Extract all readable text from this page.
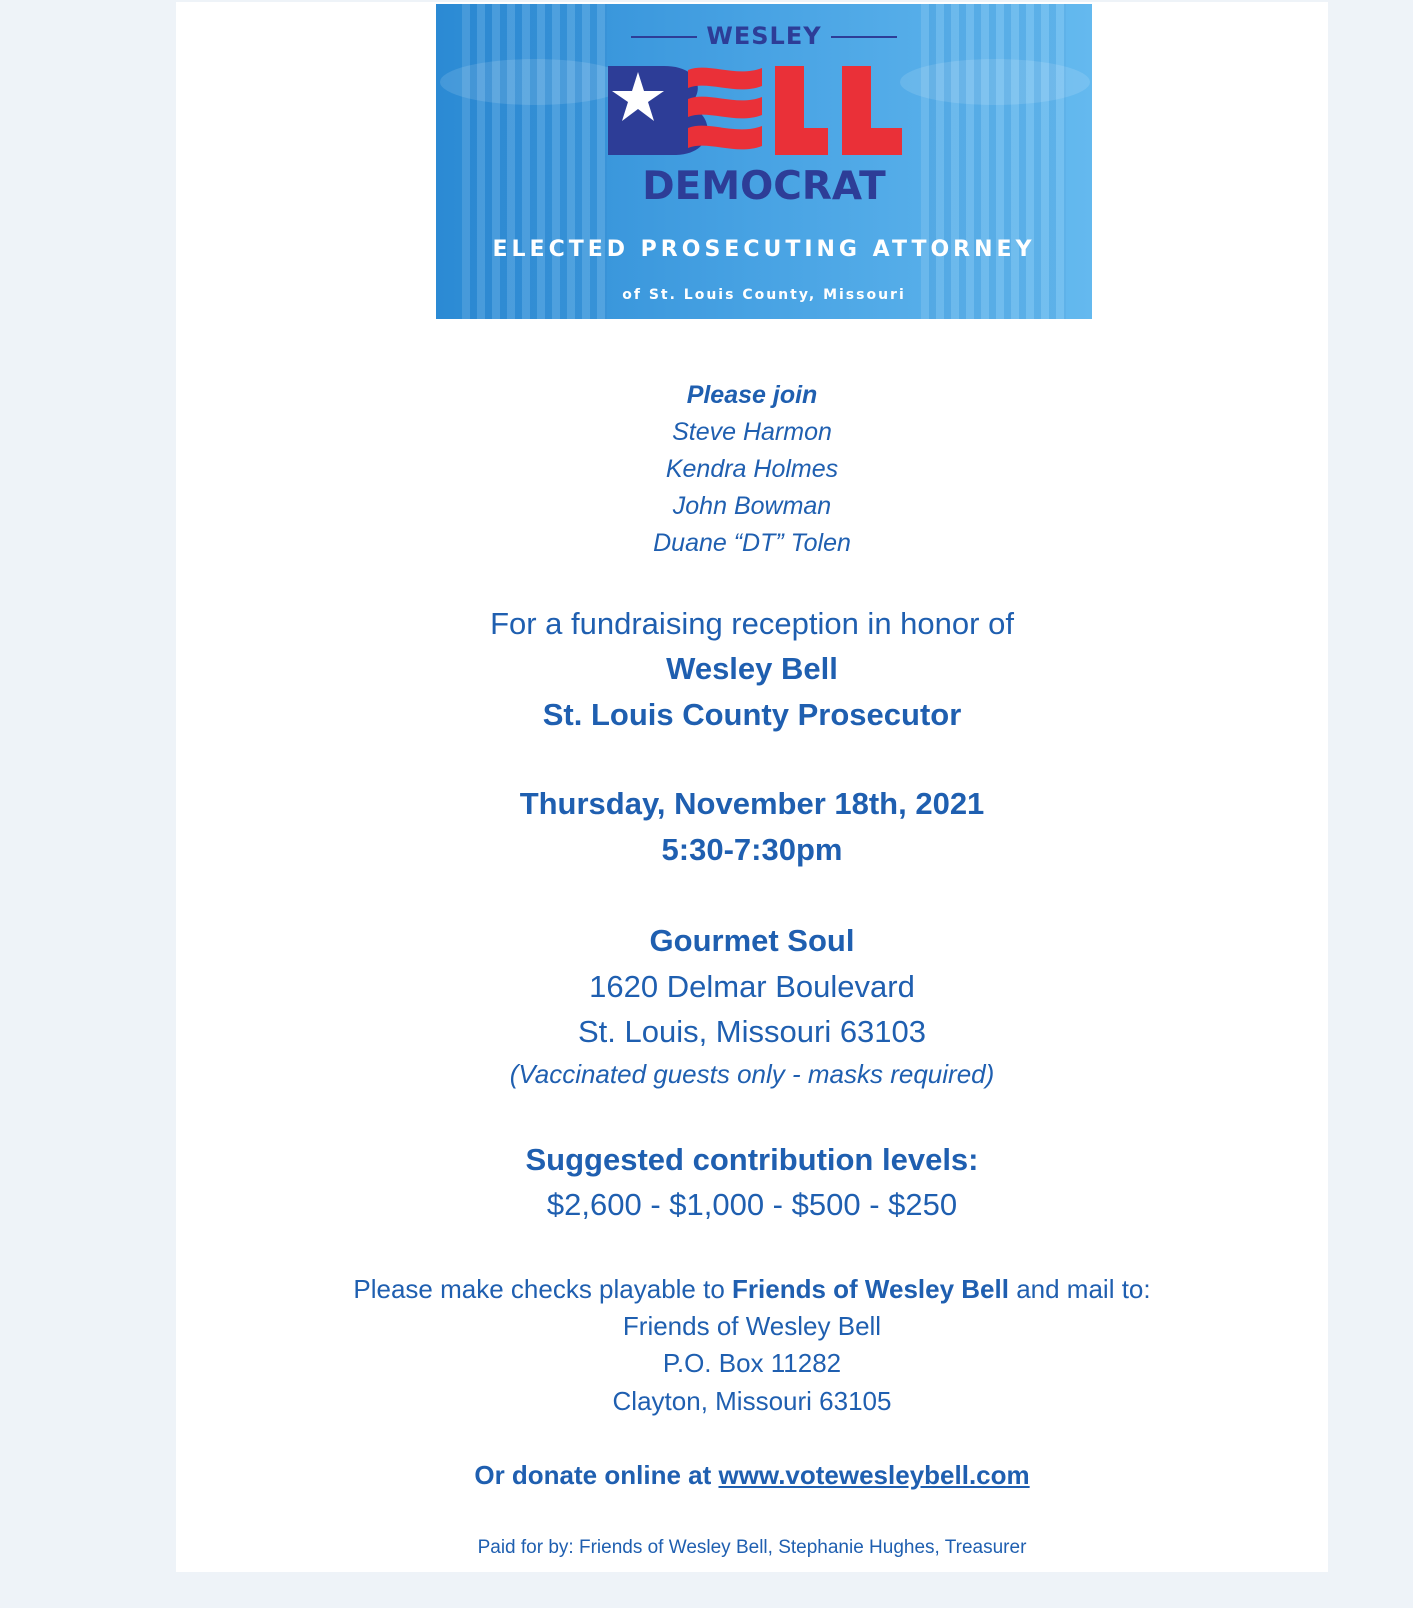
WESLEY
DEMOCRAT
ELECTED PROSECUTING ATTORNEY
of St. Louis County, Missouri
Please join
Steve Harmon
Kendra Holmes
John Bowman
Duane “DT” Tolen
For a fundraising reception in honor of
Wesley Bell
St. Louis County Prosecutor
Thursday, November 18th, 2021
5:30-7:30pm
Gourmet Soul
1620 Delmar Boulevard
St. Louis, Missouri 63103
(Vaccinated guests only - masks required)
Suggested contribution levels:
$2,600 - $1,000 - $500 - $250
Please make checks playable to Friends of Wesley Bell and mail to:
Friends of Wesley Bell
P.O. Box 11282
Clayton, Missouri 63105
Or donate online at www.votewesleybell.com
Paid for by: Friends of Wesley Bell, Stephanie Hughes, Treasurer
